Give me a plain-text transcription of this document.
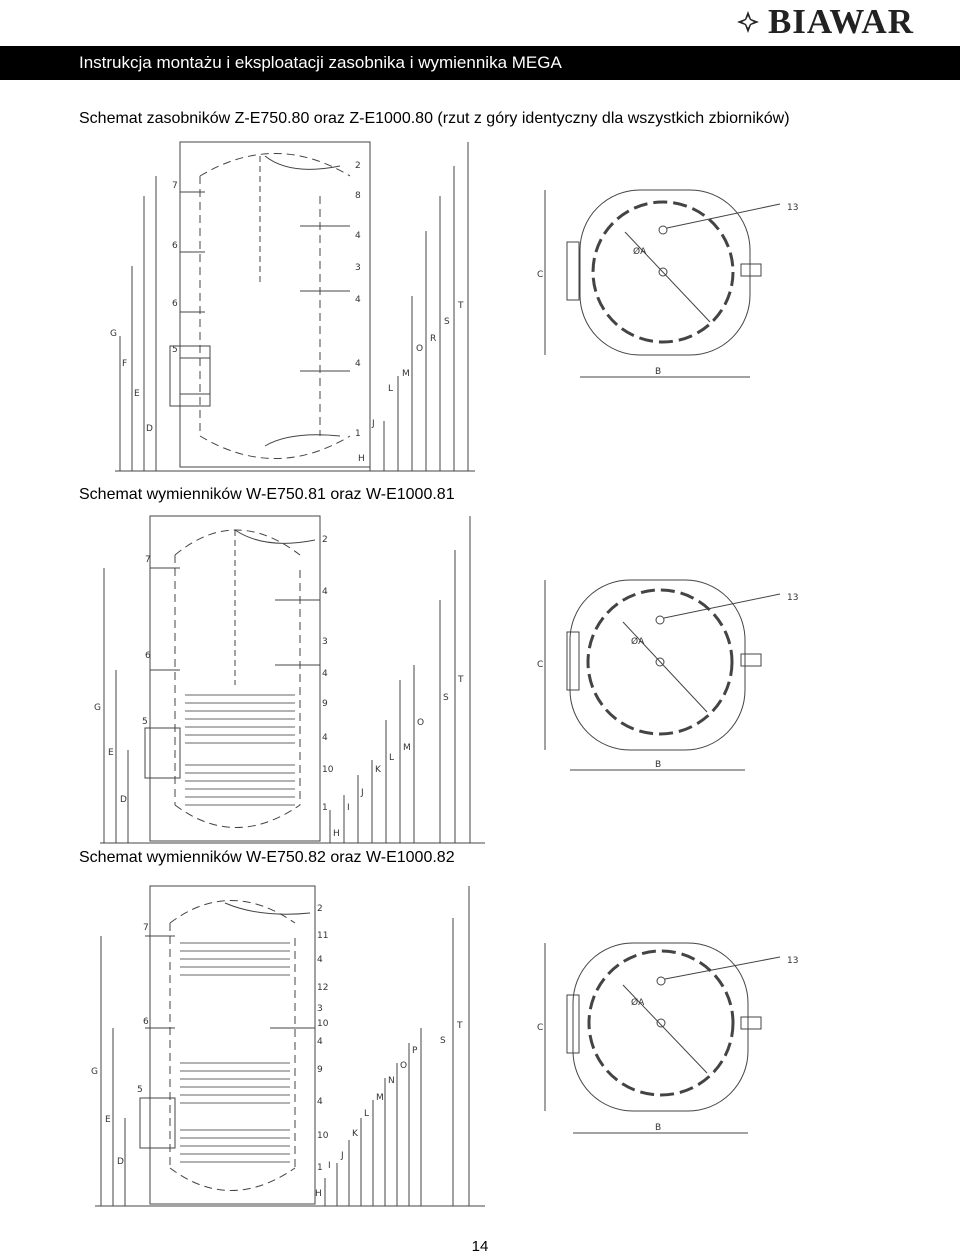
BIAWAR
Instrukcja montażu i eksploatacji zasobnika i wymiennika MEGA
Schemat zasobników Z-E750.80 oraz Z-E1000.80 (rzut z góry identyczny dla wszystkich zbiorników)
Schemat wymienników W-E750.81 oraz W-E1000.81
Schemat wymienników W-E750.82 oraz W-E1000.82
2
8
4
3
4
4
1
7
6
6
5
G
F
E
D
H
J
L
M
O
R
S
T
2
4
3
4
9
4
10
1
7
6
5
G
E
D
H
I
J
K
L
M
O
S
T
2
11
4
12
3
4
10
9
4
10
1
7
6
5
G
E
D
H
I
J
K
L
M
N
O
P
S
T
13
B
C
ØA
13
B
C
ØA
13
B
C
ØA
14
